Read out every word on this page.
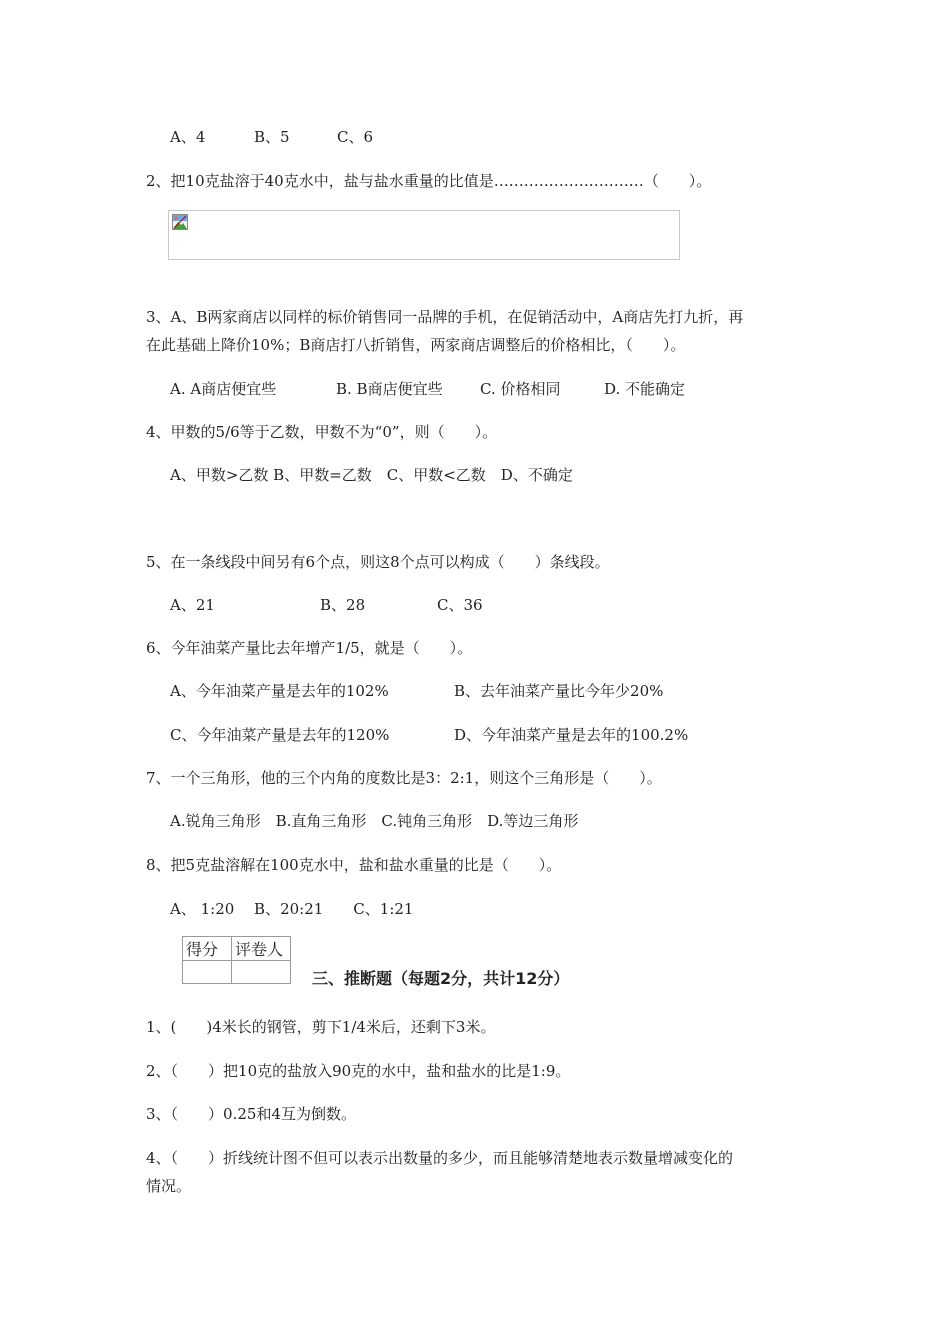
A、4	B、5	C、6
2、把10克盐溶于40克水中，盐与盐水重量的比值是…………………………（　　）。
3、A、B两家商店以同样的标价销售同一品牌的手机，在促销活动中，A商店先打九折，再
在此基础上降价10%；B商店打八折销售，两家商店调整后的价格相比，（　　）。
A. A商店便宜些	B. B商店便宜些 C. 价格相同	D. 不能确定
4、甲数的5/6等于乙数，甲数不为“0”，则（　　）。
A、甲数>乙数 B、甲数=乙数　C、甲数<乙数　D、不确定
5、在一条线段中间另有6个点，则这8个点可以构成（　　）条线段。
A、21	B、28	C、36
6、今年油菜产量比去年增产1/5，就是（　　）。
A、今年油菜产量是去年的102%	B、去年油菜产量比今年少20%
C、今年油菜产量是去年的120%	D、今年油菜产量是去年的100.2%
7、一个三角形，他的三个内角的度数比是3：2:1，则这个三角形是（　　）。
A.锐角三角形　B.直角三角形　C.钝角三角形　D.等边三角形
8、把5克盐溶解在100克水中，盐和盐水重量的比是（　　）。
A、 1:20　 B、20:21　　C、1:21
得分	评卷人

三、推断题（每题2分，共计12分）
1、(　　)4米长的钢管，剪下1/4米后，还剩下3米。
2、（　　）把10克的盐放入90克的水中，盐和盐水的比是1:9。
3、（　　）0.25和4互为倒数。
4、（　　）折线统计图不但可以表示出数量的多少，而且能够清楚地表示数量增减变化的
情况。
